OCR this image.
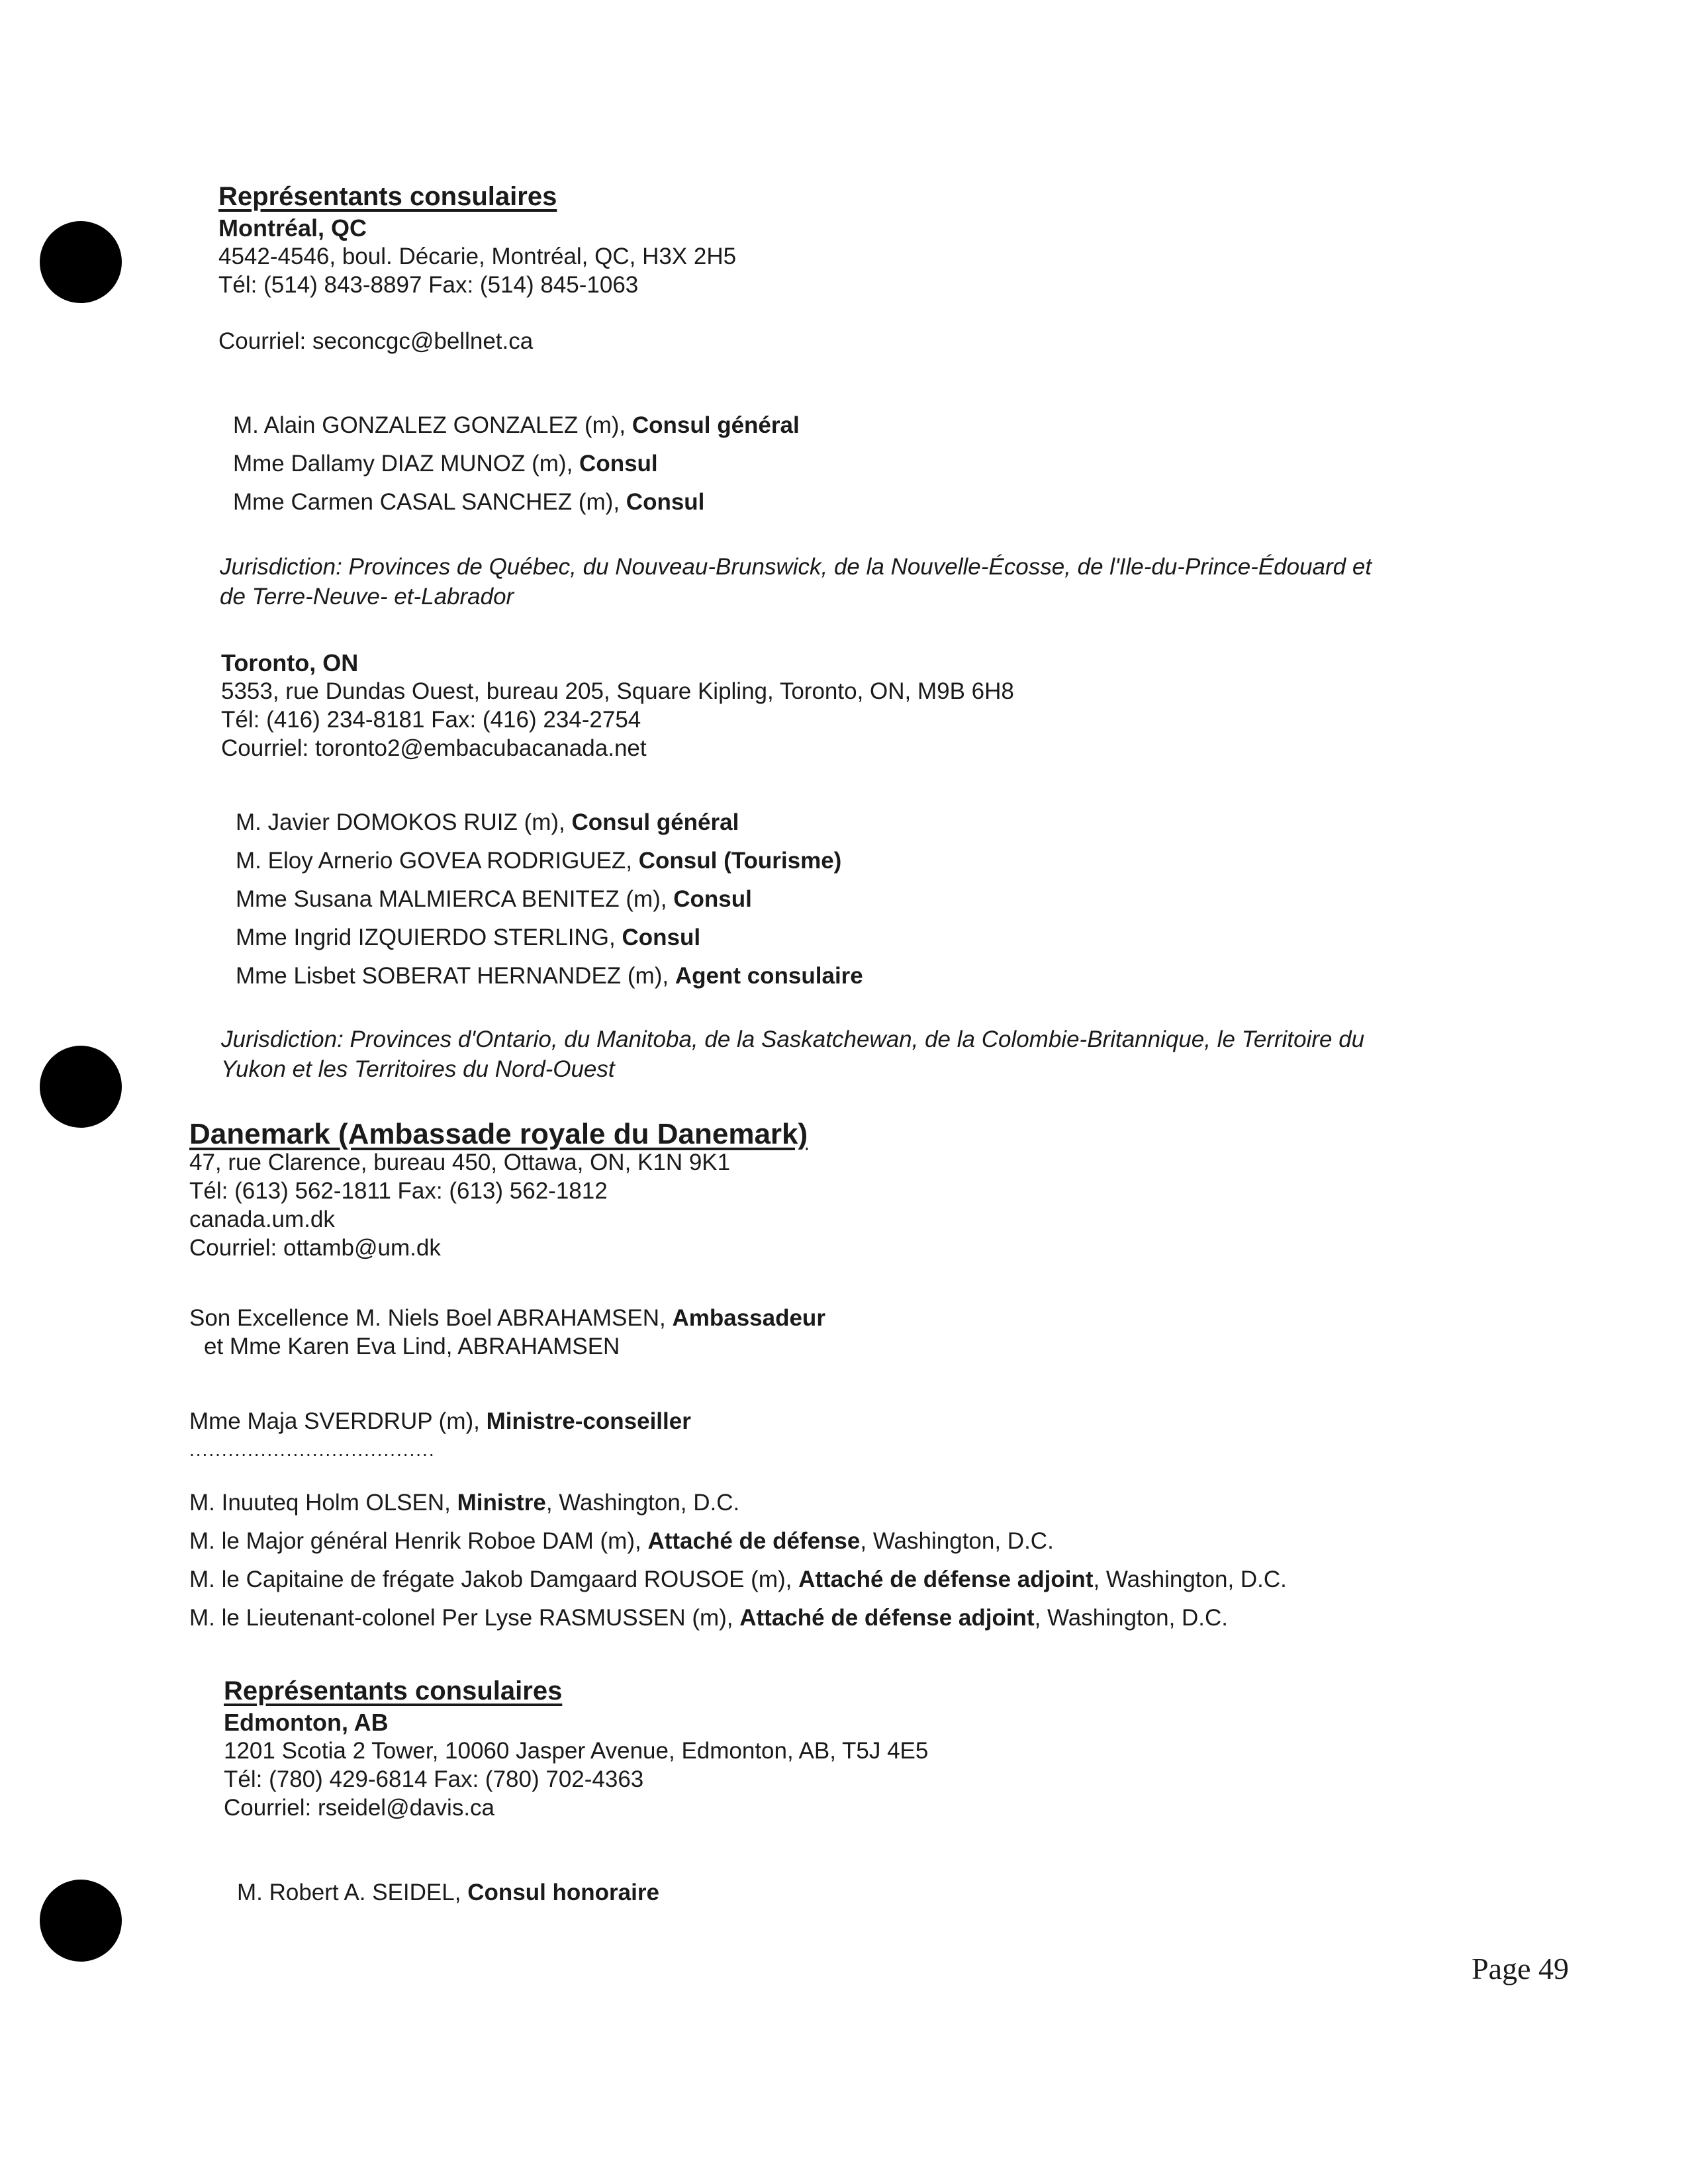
Représentants consulaires
Montréal, QC
4542-4546, boul. Décarie, Montréal, QC, H3X 2H5
Tél: (514) 843-8897 Fax: (514) 845-1063
Courriel: seconcgc@bellnet.ca
M. Alain GONZALEZ GONZALEZ (m), Consul général
Mme Dallamy DIAZ MUNOZ (m), Consul
Mme Carmen CASAL SANCHEZ (m), Consul
Jurisdiction: Provinces de Québec, du Nouveau-Brunswick, de la Nouvelle-Écosse, de l'Ile-du-Prince-Édouard et
de Terre-Neuve- et-Labrador
Toronto, ON
5353, rue Dundas Ouest, bureau 205, Square Kipling, Toronto, ON, M9B 6H8
Tél: (416) 234-8181 Fax: (416) 234-2754
Courriel: toronto2@embacubacanada.net
M. Javier DOMOKOS RUIZ (m), Consul général
M. Eloy Arnerio GOVEA RODRIGUEZ, Consul (Tourisme)
Mme Susana MALMIERCA BENITEZ (m), Consul
Mme Ingrid IZQUIERDO STERLING, Consul
Mme Lisbet SOBERAT HERNANDEZ (m), Agent consulaire
Jurisdiction: Provinces d'Ontario, du Manitoba, de la Saskatchewan, de la Colombie-Britannique, le Territoire du
Yukon et les Territoires du Nord-Ouest
Danemark (Ambassade royale du Danemark)
47, rue Clarence, bureau 450, Ottawa, ON, K1N 9K1
Tél: (613) 562-1811 Fax: (613) 562-1812
canada.um.dk
Courriel: ottamb@um.dk
Son Excellence M. Niels Boel ABRAHAMSEN, Ambassadeur
et Mme Karen Eva Lind, ABRAHAMSEN
Mme Maja SVERDRUP (m), Ministre-conseiller
......................................
M. Inuuteq Holm OLSEN, Ministre, Washington, D.C.
M. le Major général Henrik Roboe DAM (m), Attaché de défense, Washington, D.C.
M. le Capitaine de frégate Jakob Damgaard ROUSOE (m), Attaché de défense adjoint, Washington, D.C.
M. le Lieutenant-colonel Per Lyse RASMUSSEN (m), Attaché de défense adjoint, Washington, D.C.
Représentants consulaires
Edmonton, AB
1201 Scotia 2 Tower, 10060 Jasper Avenue, Edmonton, AB, T5J 4E5
Tél: (780) 429-6814 Fax: (780) 702-4363
Courriel: rseidel@davis.ca
M. Robert A. SEIDEL, Consul honoraire
Page 49
